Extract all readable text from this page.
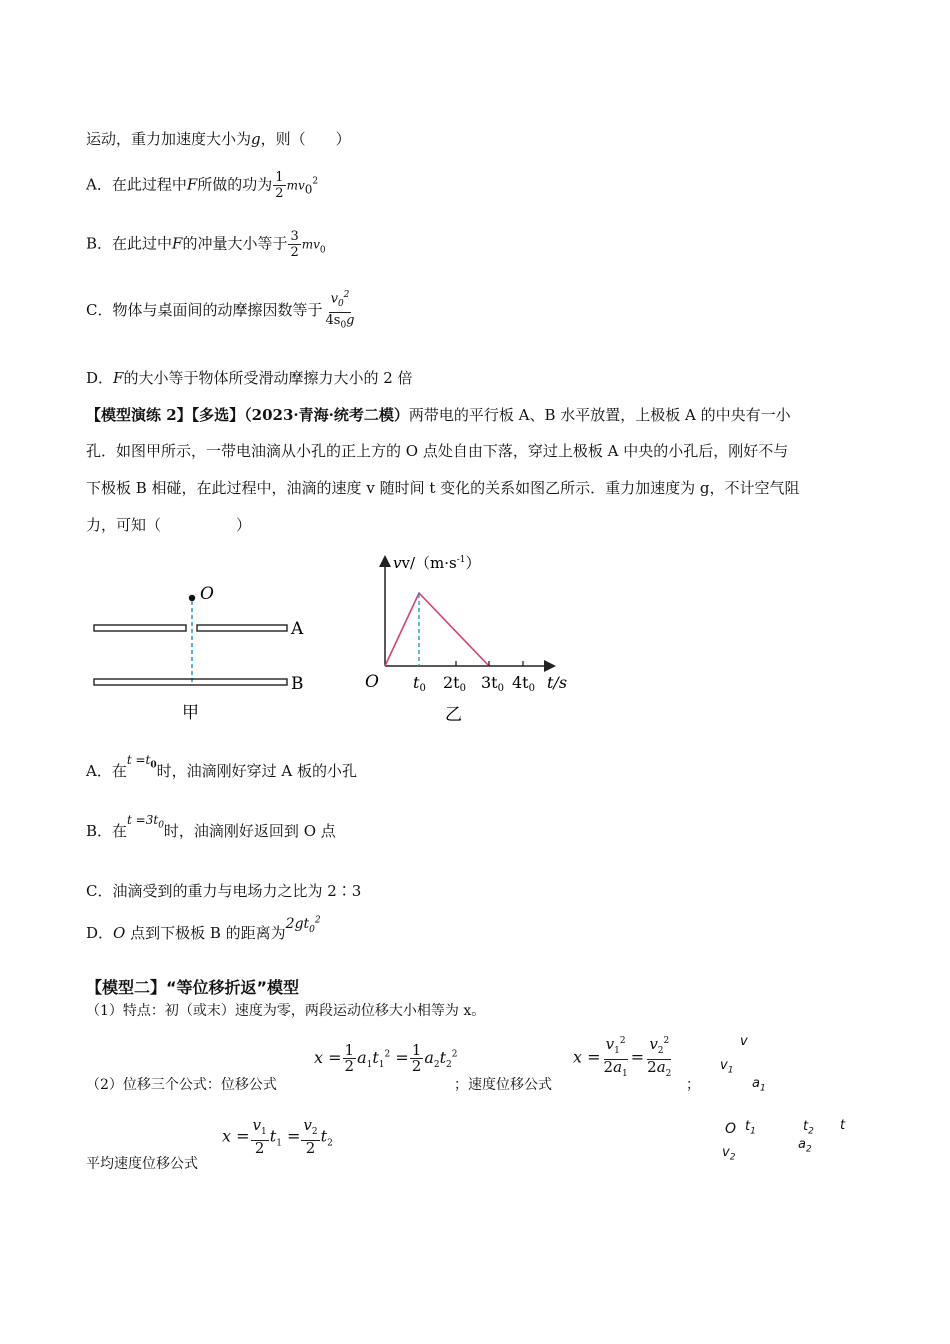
运动，重力加速度大小为g，则（　　）
A．在此过程中F所做的功为 $\frac{1}{2} mv_0^2$
B．在此过中F的冲量大小等于 $\frac{3}{2} mv_0$
C．物体与桌面间的动摩擦因数等于 $\frac{v_0^2}{4s_0g}$
D．F的大小等于物体所受滑动摩擦力大小的 2 倍
【模型演练 2】【多选】（2023·青海·统考二模）两带电的平行板 A、B 水平放置，上极板 A 的中央有一小
孔．如图甲所示，一带电油滴从小孔的正上方的 O 点处自由下落，穿过上极板 A 中央的小孔后，刚好不与
下极板 B 相碰，在此过程中，油滴的速度 v 随时间 t 变化的关系如图乙所示．重力加速度为 g，不计空气阻
力，可知（　　　　　）
O
A
B
甲
$vv/(m\cdot s^{-1})$
O t0 2t0 3t0 4t0 t/s
乙
A．在$^{t =t_0}$时，油滴刚好穿过 A 板的小孔
B．在$^{t =3t_0}$时，油滴刚好返回到 O 点
C．油滴受到的重力与电场力之比为 2∶3
D．O 点到下极板 B 的距离为$2gt_0^2$
【模型二】“等位移折返”模型
（1）特点：初（或末）速度为零，两段运动位移大小相等为 x。
（2）位移三个公式：位移公式
$x = \frac{1}{2} a_1t_1^2 = \frac{1}{2} a_2t_2^2$
；速度位移公式
$x = \frac{v_1^2}{2a_1} = \frac{v_2^2}{2a_2}$
；
平均速度位移公式
$x = \frac{v_1}{2} t_1 = \frac{v_2}{2} t_2$
v
$v_1$
$a_1$
O $t_1$	$t_2$ t
$a_2$
$v_2$
